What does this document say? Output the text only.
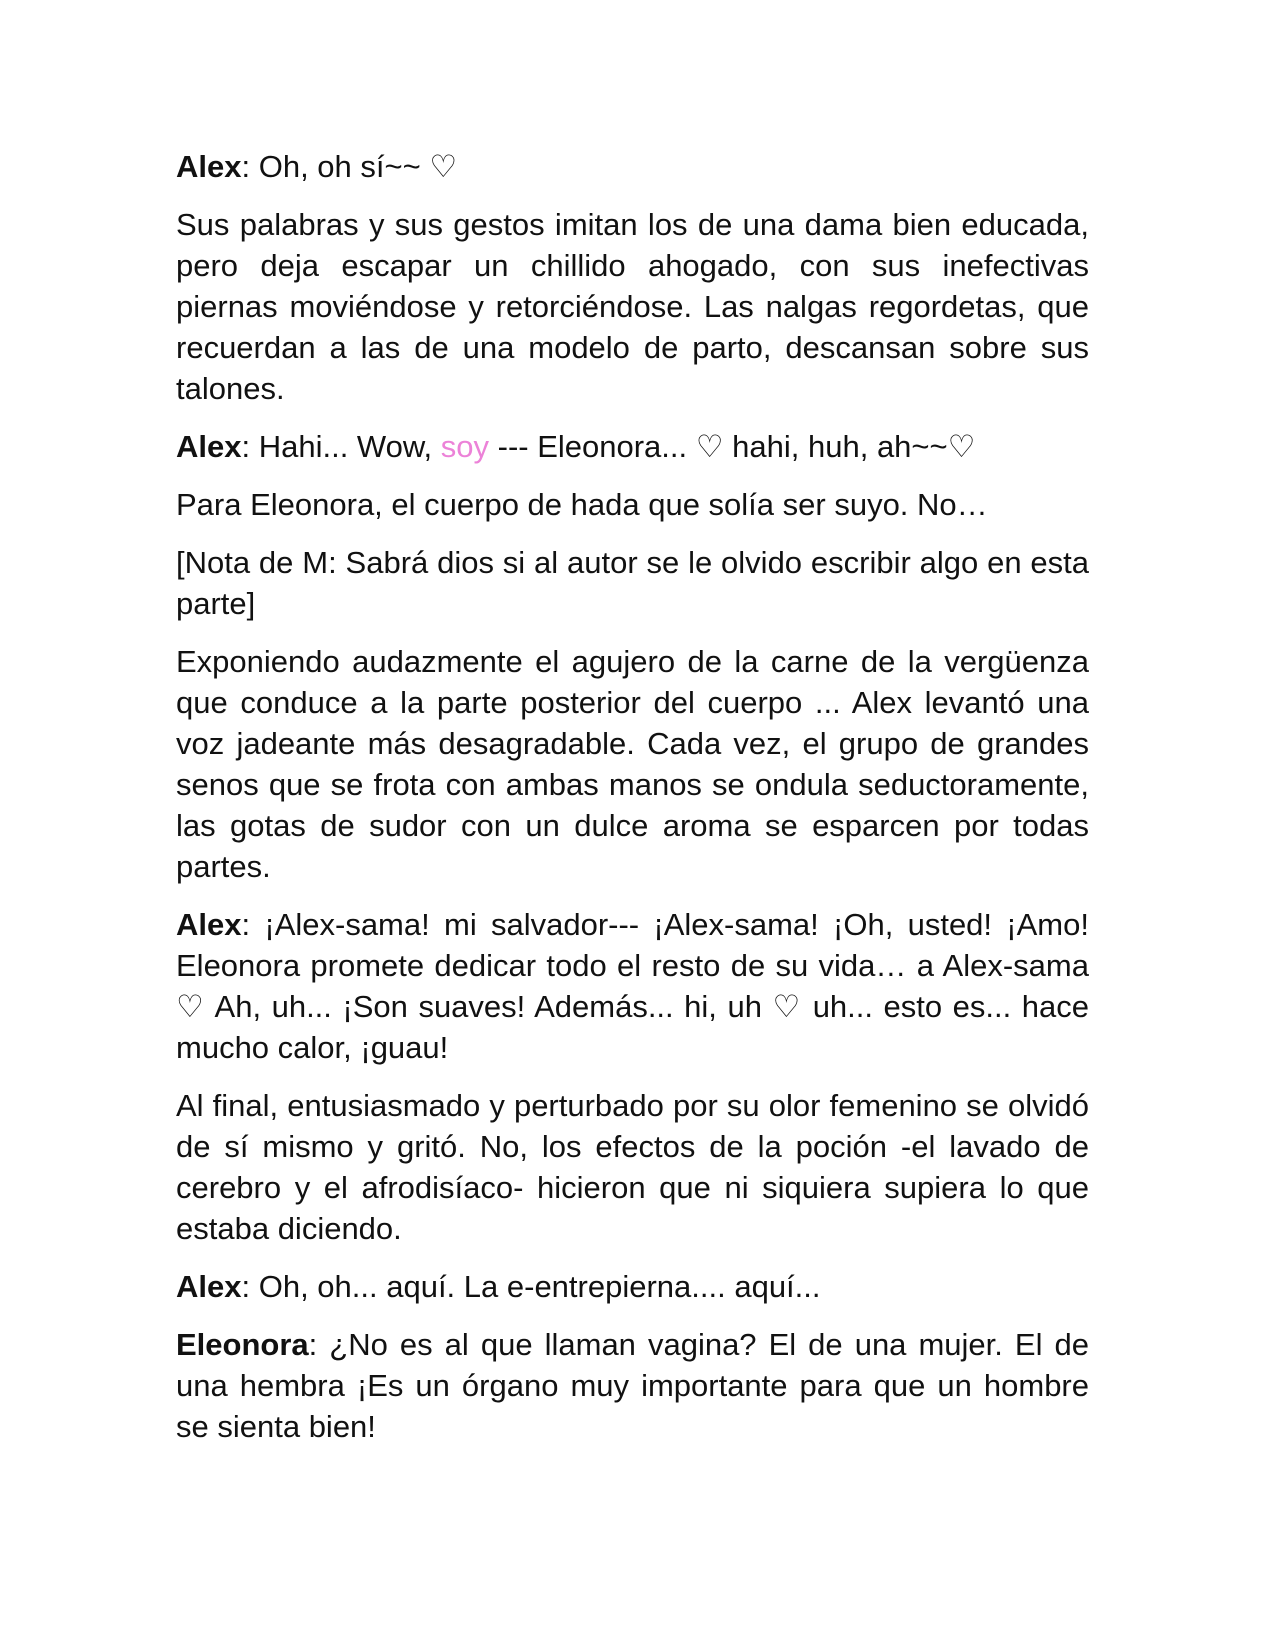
Alex: Oh, oh sí~~ ♡

Sus palabras y sus gestos imitan los de una dama bien educada, pero deja escapar un chillido ahogado, con sus inefectivas piernas moviéndose y retorciéndose. Las nalgas regordetas, que recuerdan a las de una modelo de parto, descansan sobre sus talones.

Alex: Hahi... Wow, soy --- Eleonora... ♡ hahi, huh, ah~~♡

Para Eleonora, el cuerpo de hada que solía ser suyo. No…

[Nota de M: Sabrá dios si al autor se le olvido escribir algo en esta parte]

Exponiendo audazmente el agujero de la carne de la vergüenza que conduce a la parte posterior del cuerpo ... Alex levantó una voz jadeante más desagradable. Cada vez, el grupo de grandes senos que se frota con ambas manos se ondula seductoramente, las gotas de sudor con un dulce aroma se esparcen por todas partes.

Alex: ¡Alex-sama! mi salvador--- ¡Alex-sama! ¡Oh, usted! ¡Amo! Eleonora promete dedicar todo el resto de su vida… a Alex-sama ♡ Ah, uh... ¡Son suaves! Además... hi, uh ♡ uh... esto es... hace mucho calor, ¡guau!

Al final, entusiasmado y perturbado por su olor femenino se olvidó de sí mismo y gritó. No, los efectos de la poción -el lavado de cerebro y el afrodisíaco- hicieron que ni siquiera supiera lo que estaba diciendo.

Alex: Oh, oh... aquí. La e-entrepierna.... aquí...

Eleonora: ¿No es al que llaman vagina? El de una mujer. El de una hembra ¡Es un órgano muy importante para que un hombre se sienta bien!
